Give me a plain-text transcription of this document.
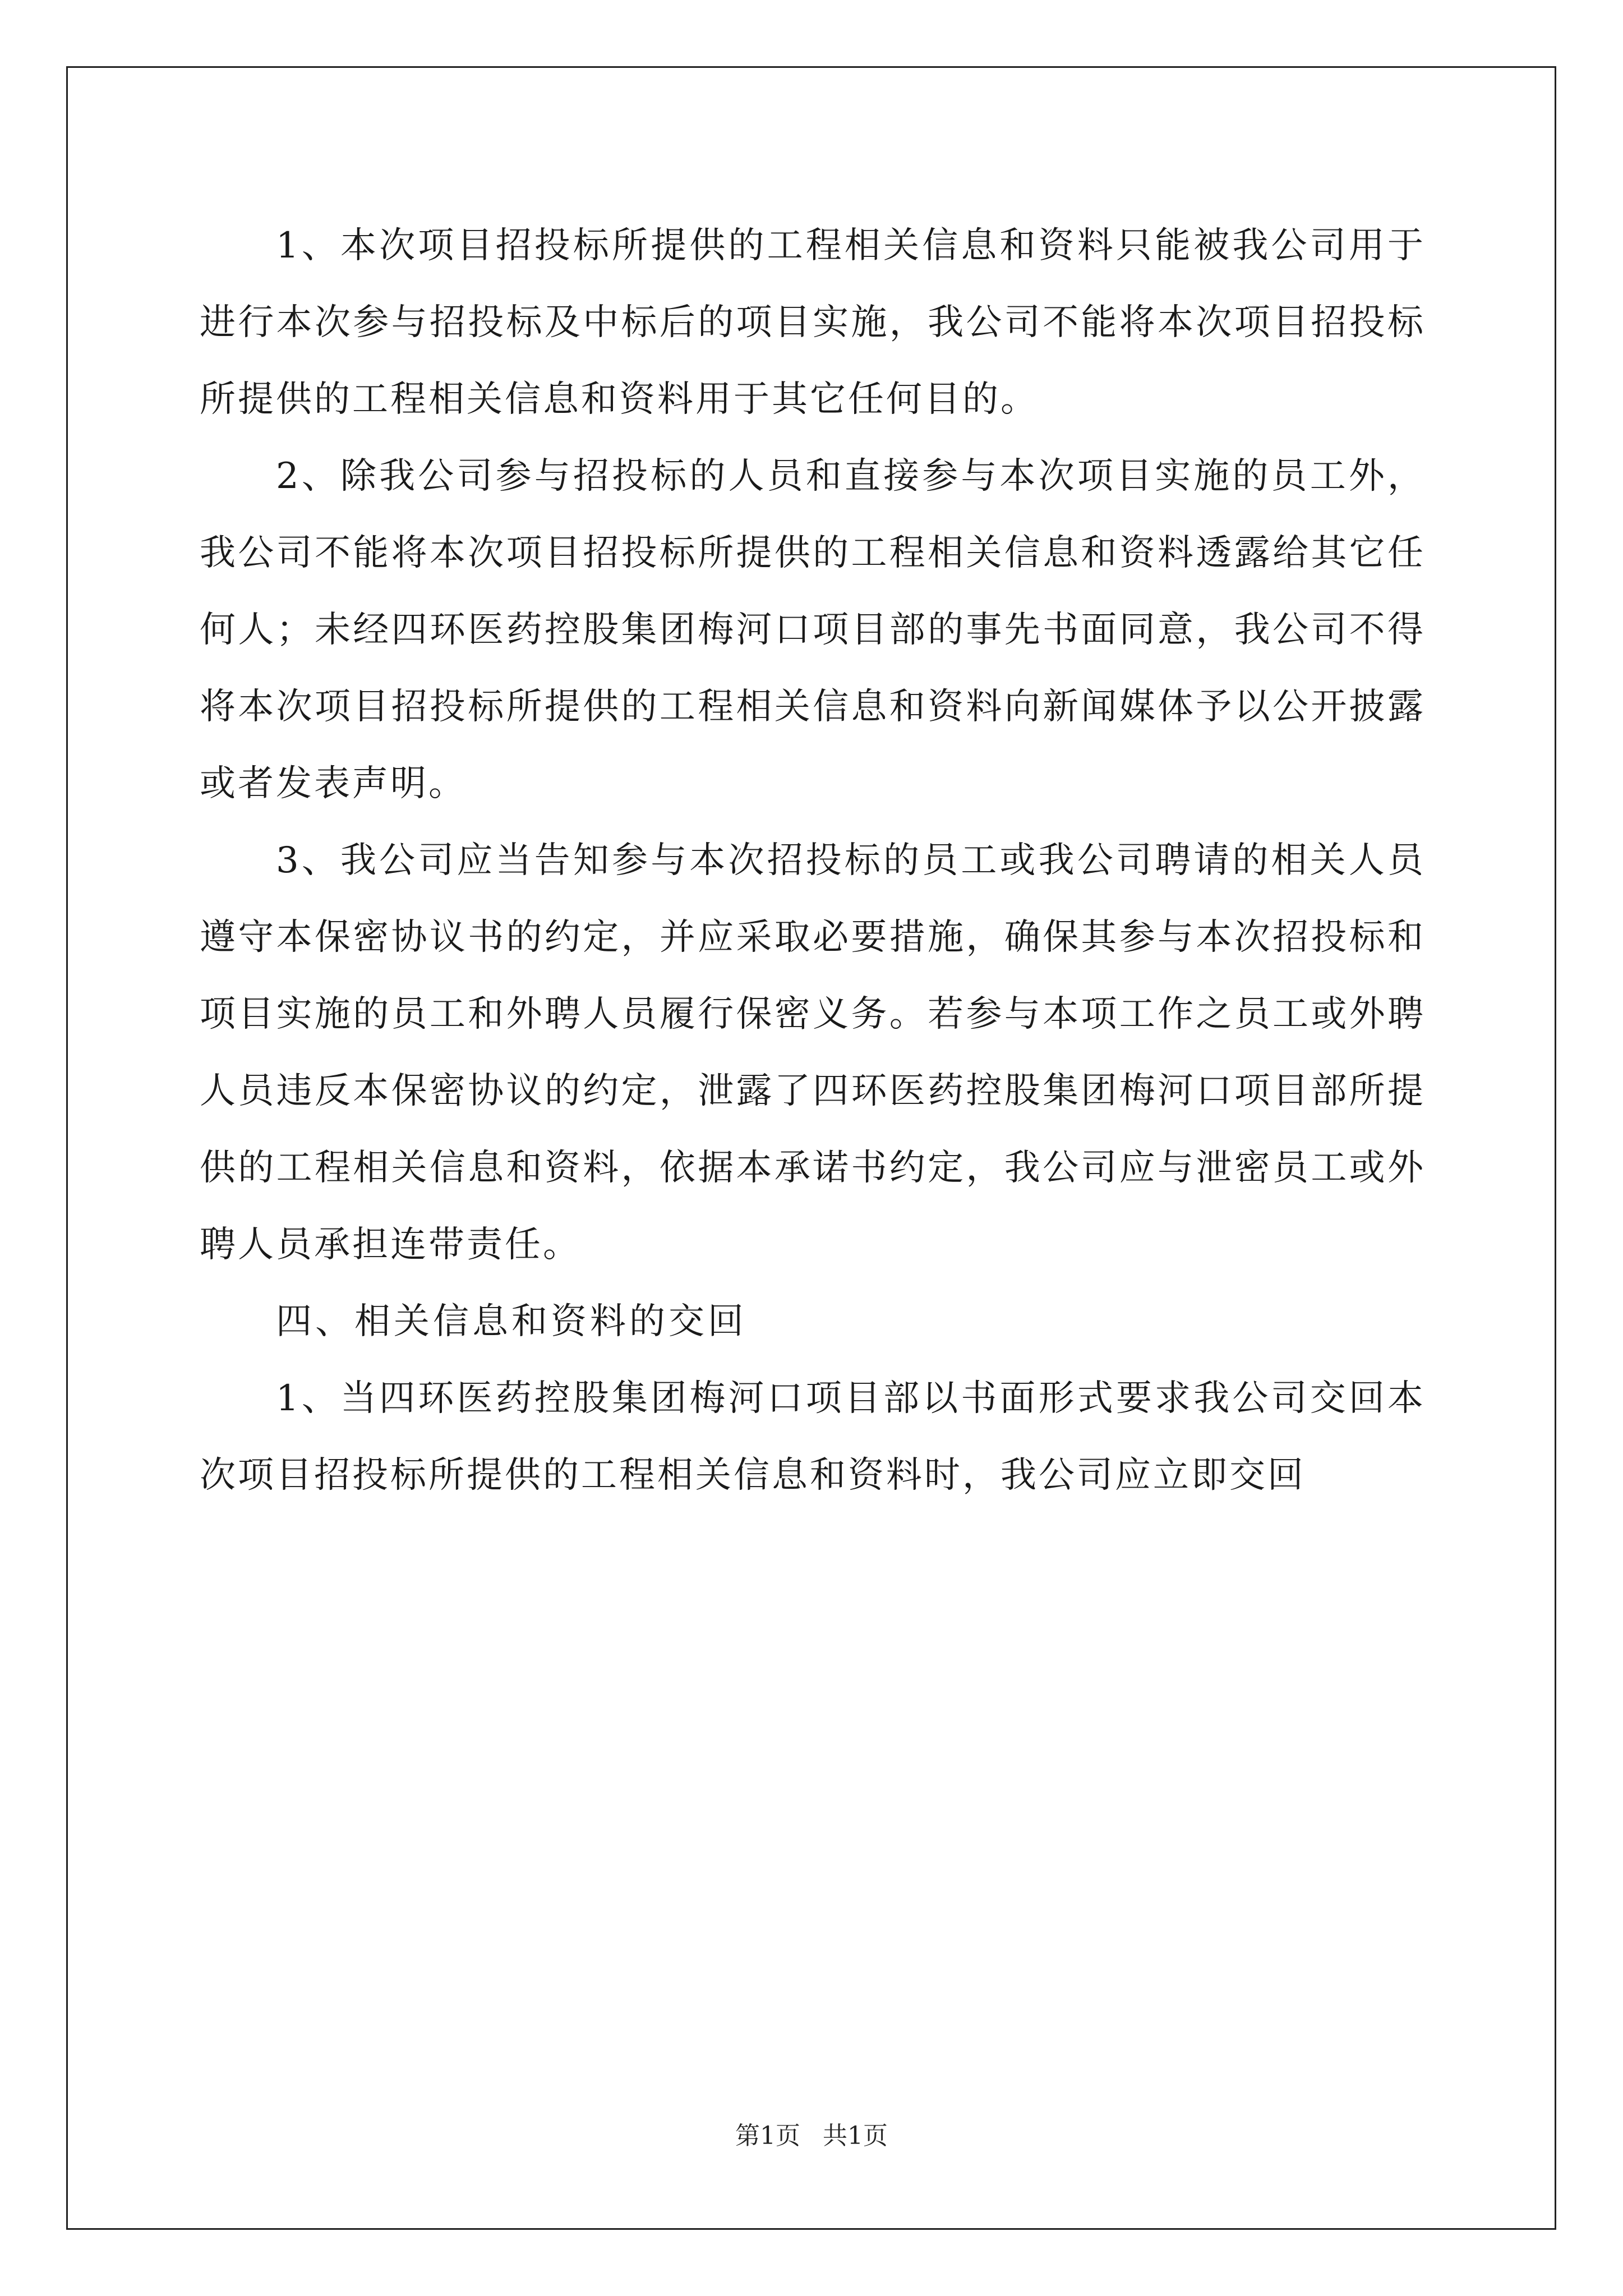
1、本次项目招投标所提供的工程相关信息和资料只能被我公司用于进行本次参与招投标及中标后的项目实施，我公司不能将本次项目招投标所提供的工程相关信息和资料用于其它任何目的。

2、除我公司参与招投标的人员和直接参与本次项目实施的员工外，我公司不能将本次项目招投标所提供的工程相关信息和资料透露给其它任何人；未经四环医药控股集团梅河口项目部的事先书面同意，我公司不得将本次项目招投标所提供的工程相关信息和资料向新闻媒体予以公开披露或者发表声明。

3、我公司应当告知参与本次招投标的员工或我公司聘请的相关人员遵守本保密协议书的约定，并应采取必要措施，确保其参与本次招投标和项目实施的员工和外聘人员履行保密义务。若参与本项工作之员工或外聘人员违反本保密协议的约定，泄露了四环医药控股集团梅河口项目部所提供的工程相关信息和资料，依据本承诺书约定，我公司应与泄密员工或外聘人员承担连带责任。

四、相关信息和资料的交回

1、当四环医药控股集团梅河口项目部以书面形式要求我公司交回本次项目招投标所提供的工程相关信息和资料时，我公司应立即交回

第1页 共1页
